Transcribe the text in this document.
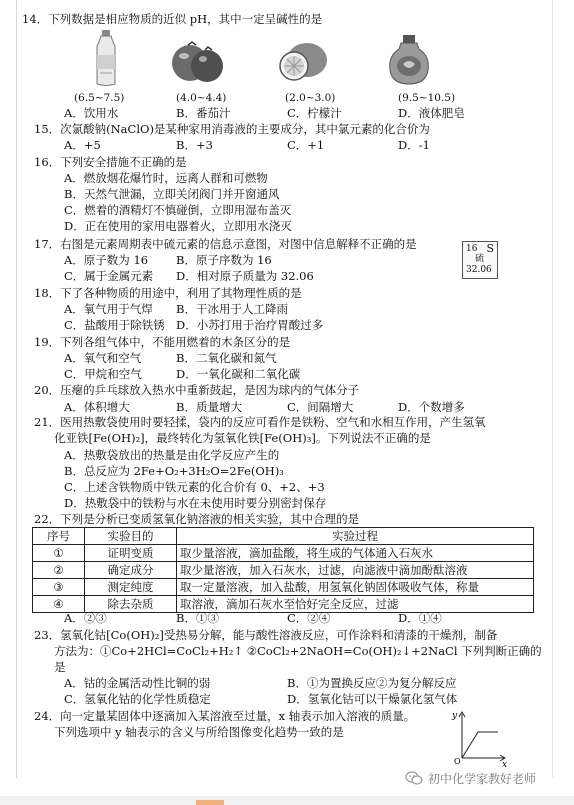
14．下列数据是相应物质的近似 pH，其中一定呈碱性的是
(6.5~7.5)	(4.0~4.4)	(2.0~3.0)	(9.5~10.5)
A．饮用水	B．番茄汁	C．柠檬汁	D．液体肥皂
15．次氯酸钠(NaClO)是某种家用消毒液的主要成分，其中氯元素的化合价为
A．+5	B．+3	C．+1	D．-1
16．下列安全措施不正确的是
A．燃放烟花爆竹时，远离人群和可燃物
B．天然气泄漏，立即关闭阀门并开窗通风
C．燃着的酒精灯不慎碰倒，立即用湿布盖灭
D．正在使用的家用电器着火，立即用水浇灭
17．右图是元素周期表中硫元素的信息示意图，对图中信息解释不正确的是
A．原子数为 16 B．原子序数为 16
C．属于金属元素 D．相对原子质量为 32.06
16 S
硫
32.06
18．下了各种物质的用途中，利用了其物理性质的是
A．氧气用于气焊 B．干冰用于人工降雨
C．盐酸用于除铁锈 D．小苏打用于治疗胃酸过多
19．下列各组气体中，不能用燃着的木条区分的是
A．氧气和空气	B．二氧化碳和氮气
C．甲烷和空气	D．一氧化碳和二氧化碳
20．压瘪的乒乓球放入热水中重新鼓起，是因为球内的气体分子
A．体积增大	B．质量增大	C．间隔增大	D．个数增多
21．医用热敷袋使用时要轻揉，袋内的反应可看作是铁粉、空气和水相互作用，产生氢氧
化亚铁[Fe(OH)₂]，最终转化为氢氧化铁[Fe(OH)₃]。下列说法不正确的是
A．热敷袋放出的热量是由化学反应产生的
B．总反应为 2Fe+O₂+3H₂O=2Fe(OH)₃
C．上述含铁物质中铁元素的化合价有 0、+2、+3
D．热敷袋中的铁粉与水在未使用时要分别密封保存
22．下列是分析已变质氢氧化钠溶液的相关实验，其中合理的是
序号	实验目的	实验过程
①	证明变质	取少量溶液，滴加盐酸，将生成的气体通入石灰水
②	确定成分	取少量溶液，加入石灰水，过滤，向滤液中滴加酚酞溶液
③	测定纯度	取一定量溶液，加入盐酸，用氢氧化钠固体吸收气体，称量
④	除去杂质	取溶液，滴加石灰水至恰好完全反应，过滤
A．②③	B．①③	C．②④	D．①④
23．氢氧化钴[Co(OH)₂]受热易分解，能与酸性溶液反应，可作涂料和清漆的干燥剂，制备
方法为：①Co+2HCl=CoCl₂+H₂↑ ②CoCl₂+2NaOH=Co(OH)₂↓+2NaCl 下列判断正确的
是
A．钴的金属活动性比铜的弱	B．①为置换反应②为复分解反应
C．氢氧化钴的化学性质稳定	D．氢氧化钴可以干燥氯化氢气体
24．向一定量某固体中逐滴加入某溶液至过量，x 轴表示加入溶液的质量。
下列选项中 y 轴表示的含义与所给图像变化趋势一致的是
y
x
O
初中化学家教好老师
